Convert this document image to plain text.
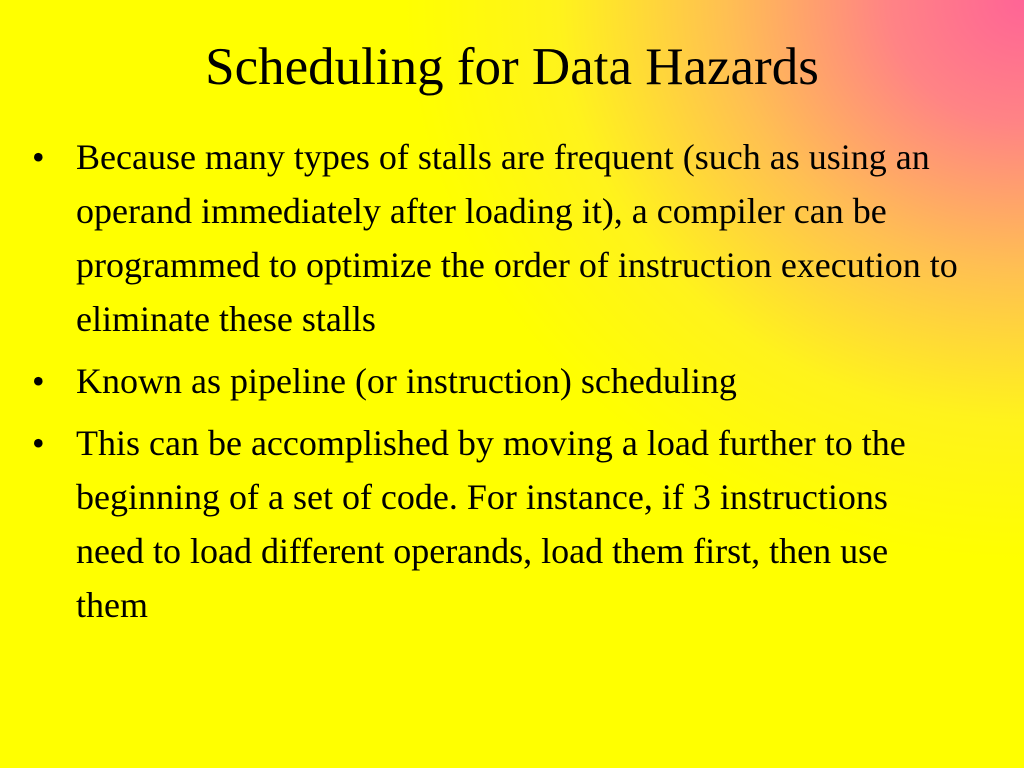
Scheduling for Data Hazards
• Because many types of stalls are frequent (such as using an operand immediately after loading it), a compiler can be programmed to optimize the order of instruction execution to eliminate these stalls
• Known as pipeline (or instruction) scheduling
• This can be accomplished by moving a load further to the beginning of a set of code. For instance, if 3 instructions need to load different operands, load them first, then use them
